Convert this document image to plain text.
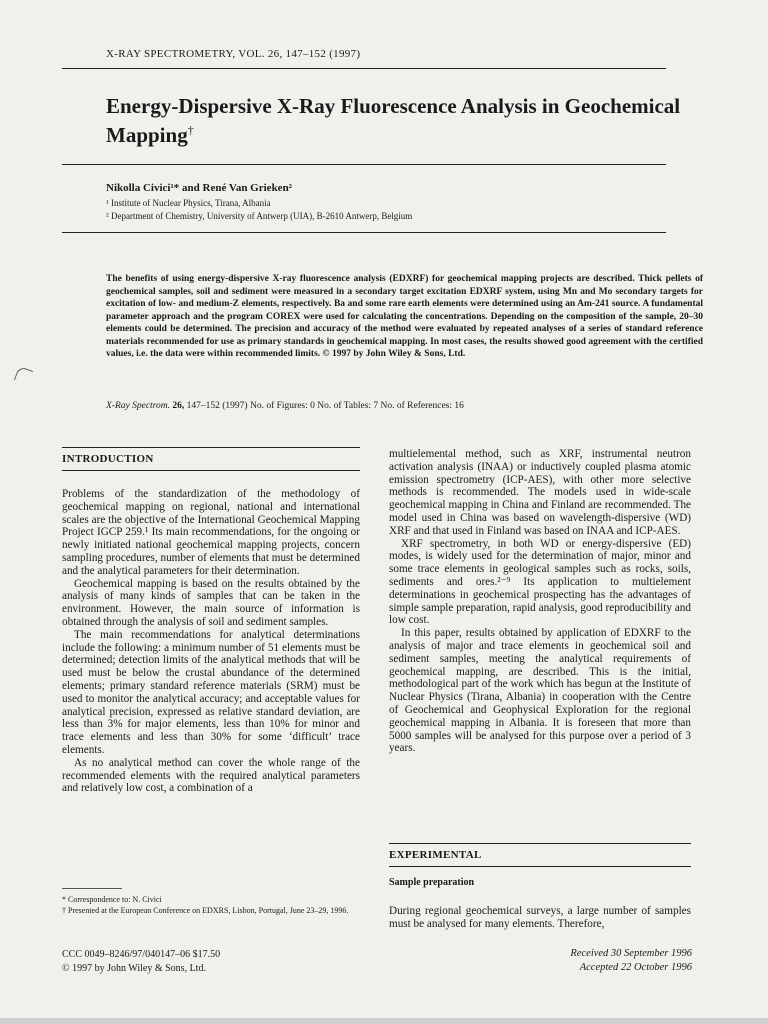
X-RAY SPECTROMETRY, VOL. 26, 147–152 (1997)
Energy-Dispersive X-Ray Fluorescence Analysis in Geochemical Mapping†
Nikolla Civici¹* and René Van Grieken²
¹ Institute of Nuclear Physics, Tirana, Albania
² Department of Chemistry, University of Antwerp (UIA), B-2610 Antwerp, Belgium
The benefits of using energy-dispersive X-ray fluorescence analysis (EDXRF) for geochemical mapping projects are described. Thick pellets of geochemical samples, soil and sediment were measured in a secondary target excitation EDXRF system, using Mn and Mo secondary targets for excitation of low- and medium-Z elements, respectively. Ba and some rare earth elements were determined using an Am-241 source. A fundamental parameter approach and the program COREX were used for calculating the concentrations. Depending on the composition of the sample, 20–30 elements could be determined. The precision and accuracy of the method were evaluated by repeated analyses of a series of standard reference materials recommended for use as primary standards in geochemical mapping. In most cases, the results showed good agreement with the certified values, i.e. the data were within recommended limits. © 1997 by John Wiley & Sons, Ltd.
X-Ray Spectrom. 26, 147–152 (1997) No. of Figures: 0 No. of Tables: 7 No. of References: 16
INTRODUCTION

Problems of the standardization of the methodology of geochemical mapping on regional, national and international scales are the objective of the International Geochemical Mapping Project IGCP 259.¹ Its main recommendations, for the ongoing or newly initiated national geochemical mapping projects, concern sampling procedures, number of elements that must be determined and the analytical parameters for their determination.

Geochemical mapping is based on the results obtained by the analysis of many kinds of samples that can be taken in the environment. However, the main source of information is obtained through the analysis of soil and sediment samples.

The main recommendations for analytical determinations include the following: a minimum number of 51 elements must be determined; detection limits of the analytical methods that will be used must be below the crustal abundance of the determined elements; primary standard reference materials (SRM) must be used to monitor the analytical accuracy; and acceptable values for analytical precision, expressed as relative standard deviation, are less than 3% for major elements, less than 10% for minor and trace elements and less than 30% for some ‘difficult’ trace elements.

As no analytical method can cover the whole range of the recommended elements with the required analytical parameters and relatively low cost, a combination of a

multielemental method, such as XRF, instrumental neutron activation analysis (INAA) or inductively coupled plasma atomic emission spectrometry (ICP-AES), with other more selective methods is recommended. The models used in wide-scale geochemical mapping in China and Finland are recommended. The model used in China was based on wavelength-dispersive (WD) XRF and that used in Finland was based on INAA and ICP-AES.

XRF spectrometry, in both WD or energy-dispersive (ED) modes, is widely used for the determination of major, minor and some trace elements in geological samples such as rocks, soils, sediments and ores.²⁻⁹ Its application to multielement determinations in geochemical prospecting has the advantages of simple sample preparation, rapid analysis, good reproducibility and low cost.

In this paper, results obtained by application of EDXRF to the analysis of major and trace elements in geochemical soil and sediment samples, meeting the analytical requirements of geochemical mapping, are described. This is the initial, methodological part of the work which has begun at the Institute of Nuclear Physics (Tirana, Albania) in cooperation with the Centre of Geochemical and Geophysical Exploration for the regional geochemical mapping in Albania. It is foreseen that more than 5000 samples will be analysed for this purpose over a period of 3 years.

EXPERIMENTAL
Sample preparation
During regional geochemical surveys, a large number of samples must be analysed for many elements. Therefore,
* Correspondence to: N. Civici
† Presented at the European Conference on EDXRS, Lisbon, Portugal, June 23–29, 1996.
CCC 0049–8246/97/040147–06 $17.50
© 1997 by John Wiley & Sons, Ltd.
Received 30 September 1996
Accepted 22 October 1996
